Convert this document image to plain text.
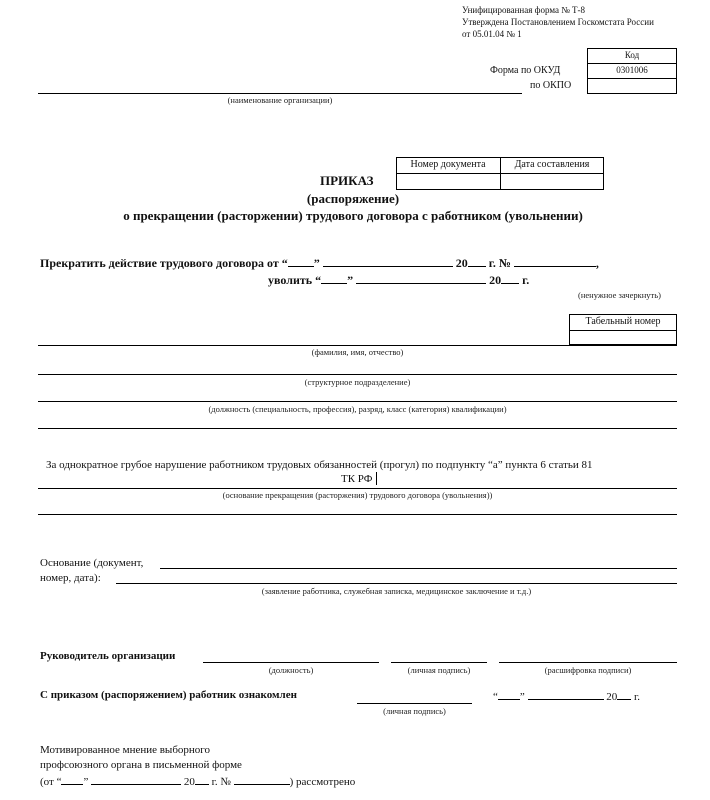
Унифицированная форма № Т-8
Утверждена Постановлением Госкомстата России
от 05.01.04 № 1
Код
0301006
Форма по ОКУД
по ОКПО
(наименование организации)
Номер документа	Дата составления
ПРИКАЗ
(распоряжение)
о прекращении (расторжении) трудового договора с работником (увольнении)
Прекратить действие трудового договора от “ ”	20 г. №	,
уволить “ ”	20 г.
(ненужное зачеркнуть)
Табельный номер
(фамилия, имя, отчество)
(структурное подразделение)
(должность (специальность, профессия), разряд, класс (категория) квалификации)
За однократное грубое нарушение работником трудовых обязанностей (прогул) по подпункту “а” пункта 6 статьи 81
ТК РФ
(основание прекращения (расторжения) трудового договора (увольнения))
Основание (документ,
номер, дата):
(заявление работника, служебная записка, медицинское заключение и т.д.)
Руководитель организации
(должность)	(личная подпись)	(расшифровка подписи)
С приказом (распоряжением) работник ознакомлен
(личная подпись)
“ ”	20 г.
Мотивированное мнение выборного
профсоюзного органа в письменной форме
(от “ ”	20 г. №	) рассмотрено
